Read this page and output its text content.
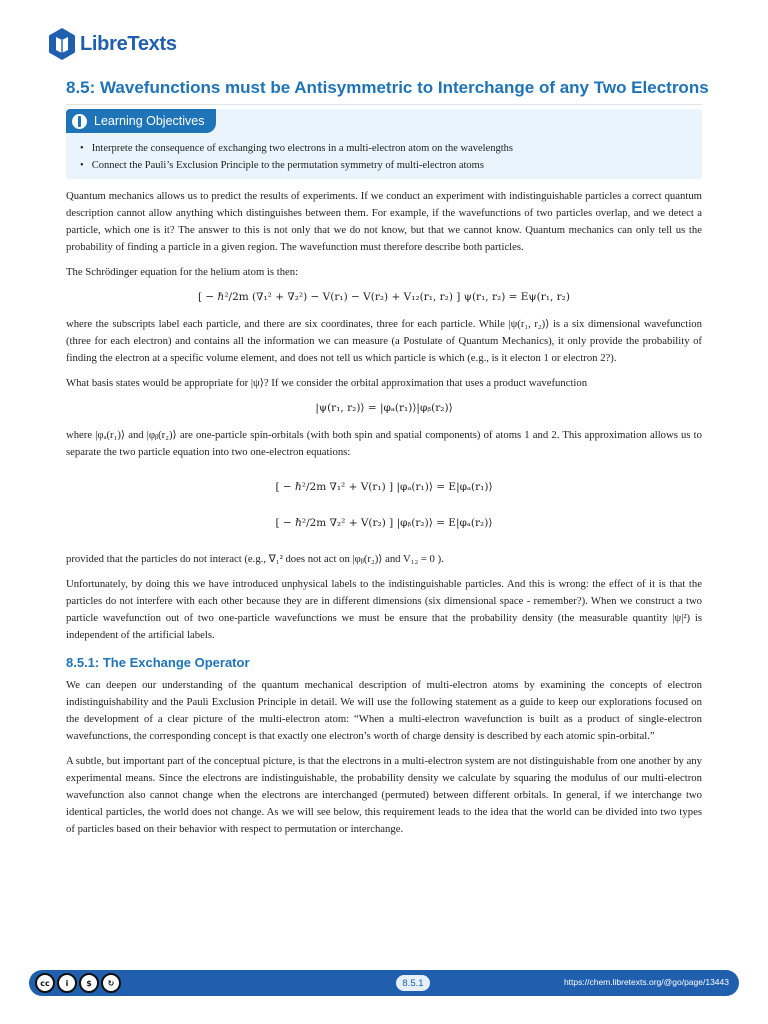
LibreTexts
8.5: Wavefunctions must be Antisymmetric to Interchange of any Two Electrons
Learning Objectives
• Interprete the consequence of exchanging two electrons in a multi-electron atom on the wavelengths
• Connect the Pauli’s Exclusion Principle to the permutation symmetry of multi-electron atoms

Quantum mechanics allows us to predict the results of experiments. If we conduct an experiment with indistinguishable particles a correct quantum description cannot allow anything which distinguishes between them. For example, if the wavefunctions of two particles overlap, and we detect a particle, which one is it? The answer to this is not only that we do not know, but that we cannot know. Quantum mechanics can only tell us the probability of finding a particle in a given region. The wavefunction must therefore describe both particles.

The Schrödinger equation for the helium atom is then:

[ − ℏ²/2m (∇₁² + ∇₂²) − V(r₁) − V(r₂) + V₁₂(r₁, r₂) ] ψ(r₁, r₂) = Eψ(r₁, r₂)

where the subscripts label each particle, and there are six coordinates, three for each particle. While |ψ(r₁, r₂)⟩ is a six dimensional wavefunction (three for each electron) and contains all the information we can measure (a Postulate of Quantum Mechanics), it only provide the probability of finding the electron at a specific volume element, and does not tell us which particle is which (e.g., is it electon 1 or electron 2?).

What basis states would be appropriate for |ψ⟩? If we consider the orbital approximation that uses a product wavefunction

|ψ(r₁, r₂)⟩ = |φₐ(r₁)⟩|φᵦ(r₂)⟩

where |φₐ(r₁)⟩ and |φᵦ(r₂)⟩ are one-particle spin-orbitals (with both spin and spatial components) of atoms 1 and 2. This approximation allows us to separate the two particle equation into two one-electron equations:

[ − ℏ²/2m ∇₁² + V(r₁) ] |φₐ(r₁)⟩ = E|φₐ(r₁)⟩
[ − ℏ²/2m ∇₂² + V(r₂) ] |φᵦ(r₂)⟩ = E|φₐ(r₂)⟩

provided that the particles do not interact (e.g., ∇₁² does not act on |φᵦ(r₂)⟩ and V₁₂ = 0 ).

Unfortunately, by doing this we have introduced unphysical labels to the indistinguishable particles. And this is wrong: the effect of it is that the particles do not interfere with each other because they are in different dimensions (six dimensional space - remember?). When we construct a two particle wavefunction out of two one-particle wavefunctions we must be ensure that the probability density (the measurable quantity |ψ|²) is independent of the artificial labels.

8.5.1: The Exchange Operator

We can deepen our understanding of the quantum mechanical description of multi-electron atoms by examining the concepts of electron indistinguishability and the Pauli Exclusion Principle in detail. We will use the following statement as a guide to keep our explorations focused on the development of a clear picture of the multi-electron atom: “When a multi-electron wavefunction is built as a product of single-electron wavefunctions, the corresponding concept is that exactly one electron’s worth of charge density is described by each atomic spin-orbital.”

A subtle, but important part of the conceptual picture, is that the electrons in a multi-electron system are not distinguishable from one another by any experimental means. Since the electrons are indistinguishable, the probability density we calculate by squaring the modulus of our multi-electron wavefunction also cannot change when the electrons are interchanged (permuted) between different orbitals. In general, if we interchange two identical particles, the world does not change. As we will see below, this requirement leads to the idea that the world can be divided into two types of particles based on their behavior with respect to permutation or interchange.

cc	i	$	↻	8.5.1	https://chem.libretexts.org/@go/page/13443
